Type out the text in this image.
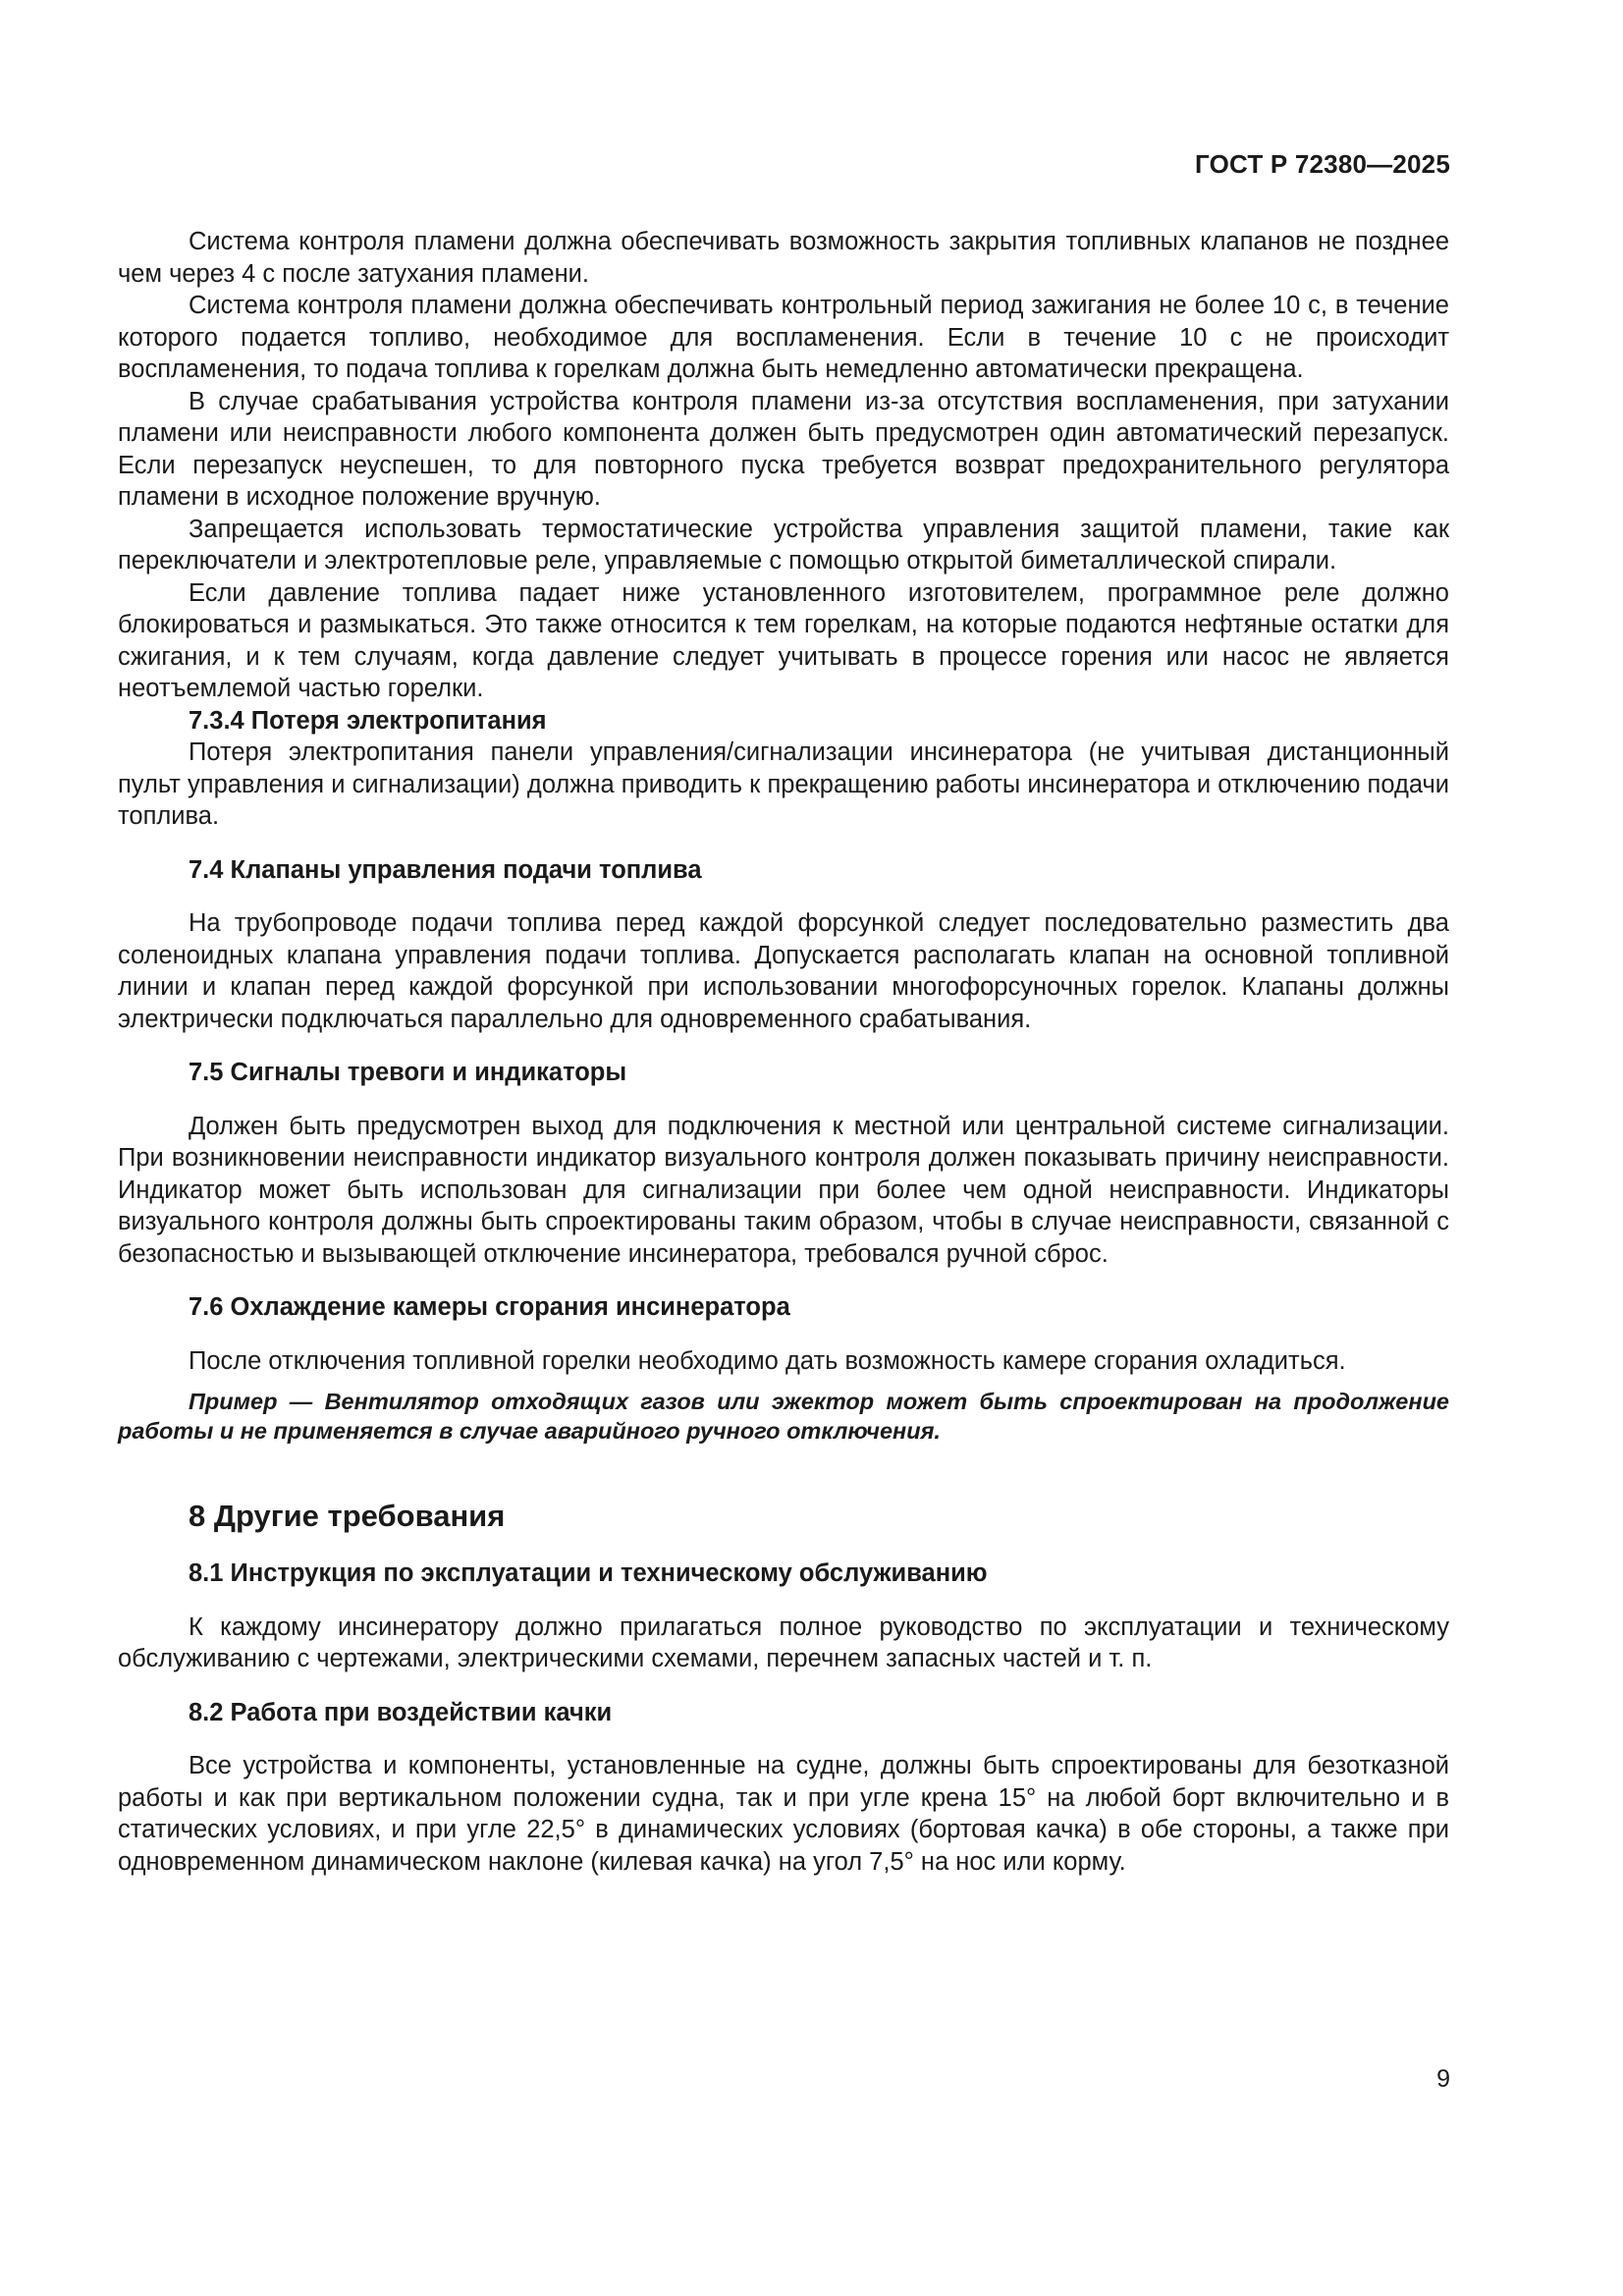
ГОСТ Р 72380—2025

Система контроля пламени должна обеспечивать возможность закрытия топливных клапанов не позднее чем через 4 с после затухания пламени.

Система контроля пламени должна обеспечивать контрольный период зажигания не более 10 с, в течение которого подается топливо, необходимое для воспламенения. Если в течение 10 с не происходит воспламенения, то подача топлива к горелкам должна быть немедленно автоматически прекращена.

В случае срабатывания устройства контроля пламени из-за отсутствия воспламенения, при затухании пламени или неисправности любого компонента должен быть предусмотрен один автоматический перезапуск. Если перезапуск неуспешен, то для повторного пуска требуется возврат предохранительного регулятора пламени в исходное положение вручную.

Запрещается использовать термостатические устройства управления защитой пламени, такие как переключатели и электротепловые реле, управляемые с помощью открытой биметаллической спирали.

Если давление топлива падает ниже установленного изготовителем, программное реле должно блокироваться и размыкаться. Это также относится к тем горелкам, на которые подаются нефтяные остатки для сжигания, и к тем случаям, когда давление следует учитывать в процессе горения или насос не является неотъемлемой частью горелки.

7.3.4 Потеря электропитания

Потеря электропитания панели управления/сигнализации инсинератора (не учитывая дистанционный пульт управления и сигнализации) должна приводить к прекращению работы инсинератора и отключению подачи топлива.

7.4 Клапаны управления подачи топлива

На трубопроводе подачи топлива перед каждой форсункой следует последовательно разместить два соленоидных клапана управления подачи топлива. Допускается располагать клапан на основной топливной линии и клапан перед каждой форсункой при использовании многофорсуночных горелок. Клапаны должны электрически подключаться параллельно для одновременного срабатывания.

7.5 Сигналы тревоги и индикаторы

Должен быть предусмотрен выход для подключения к местной или центральной системе сигнализации. При возникновении неисправности индикатор визуального контроля должен показывать причину неисправности. Индикатор может быть использован для сигнализации при более чем одной неисправности. Индикаторы визуального контроля должны быть спроектированы таким образом, чтобы в случае неисправности, связанной с безопасностью и вызывающей отключение инсинератора, требовался ручной сброс.

7.6 Охлаждение камеры сгорания инсинератора

После отключения топливной горелки необходимо дать возможность камере сгорания охладиться.

Пример — Вентилятор отходящих газов или эжектор может быть спроектирован на продолжение работы и не применяется в случае аварийного ручного отключения.

8 Другие требования
8.1 Инструкция по эксплуатации и техническому обслуживанию

К каждому инсинератору должно прилагаться полное руководство по эксплуатации и техническому обслуживанию с чертежами, электрическими схемами, перечнем запасных частей и т. п.

8.2 Работа при воздействии качки

Все устройства и компоненты, установленные на судне, должны быть спроектированы для безотказной работы и как при вертикальном положении судна, так и при угле крена 15° на любой борт включительно и в статических условиях, и при угле 22,5° в динамических условиях (бортовая качка) в обе стороны, а также при одновременном динамическом наклоне (килевая качка) на угол 7,5° на нос или корму.

9
